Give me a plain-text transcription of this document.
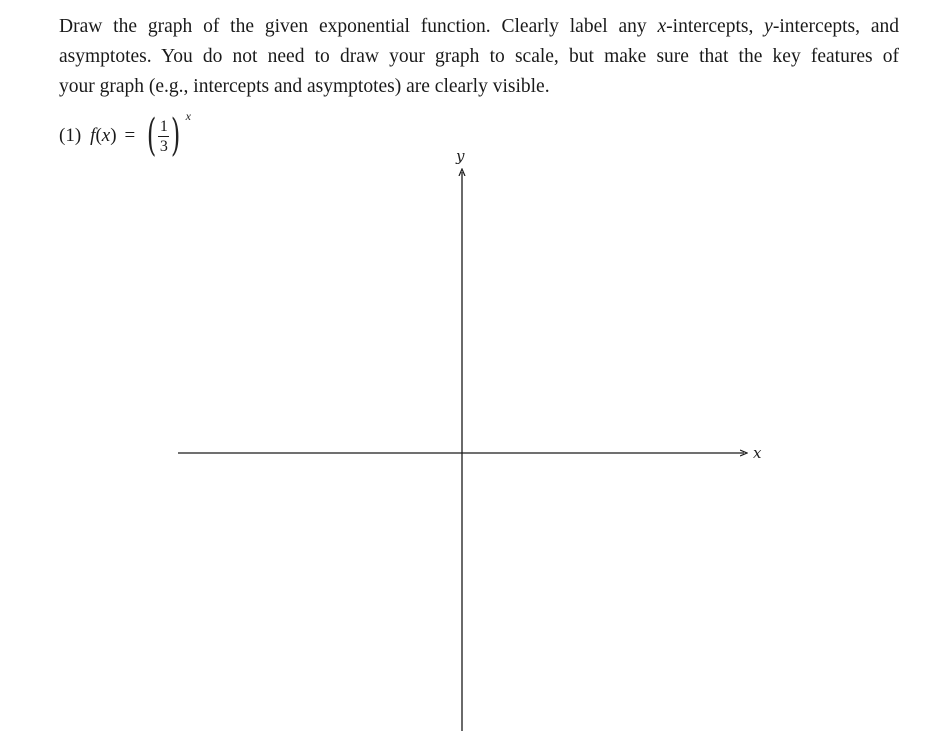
Draw the graph of the given exponential function. Clearly label any x-intercepts, y-intercepts, and
asymptotes. You do not need to draw your graph to scale, but make sure that the key features of
your graph (e.g., intercepts and asymptotes) are clearly visible.
(1) f ( x ) = ( $\frac{1}{3}$ ) x
x
y
